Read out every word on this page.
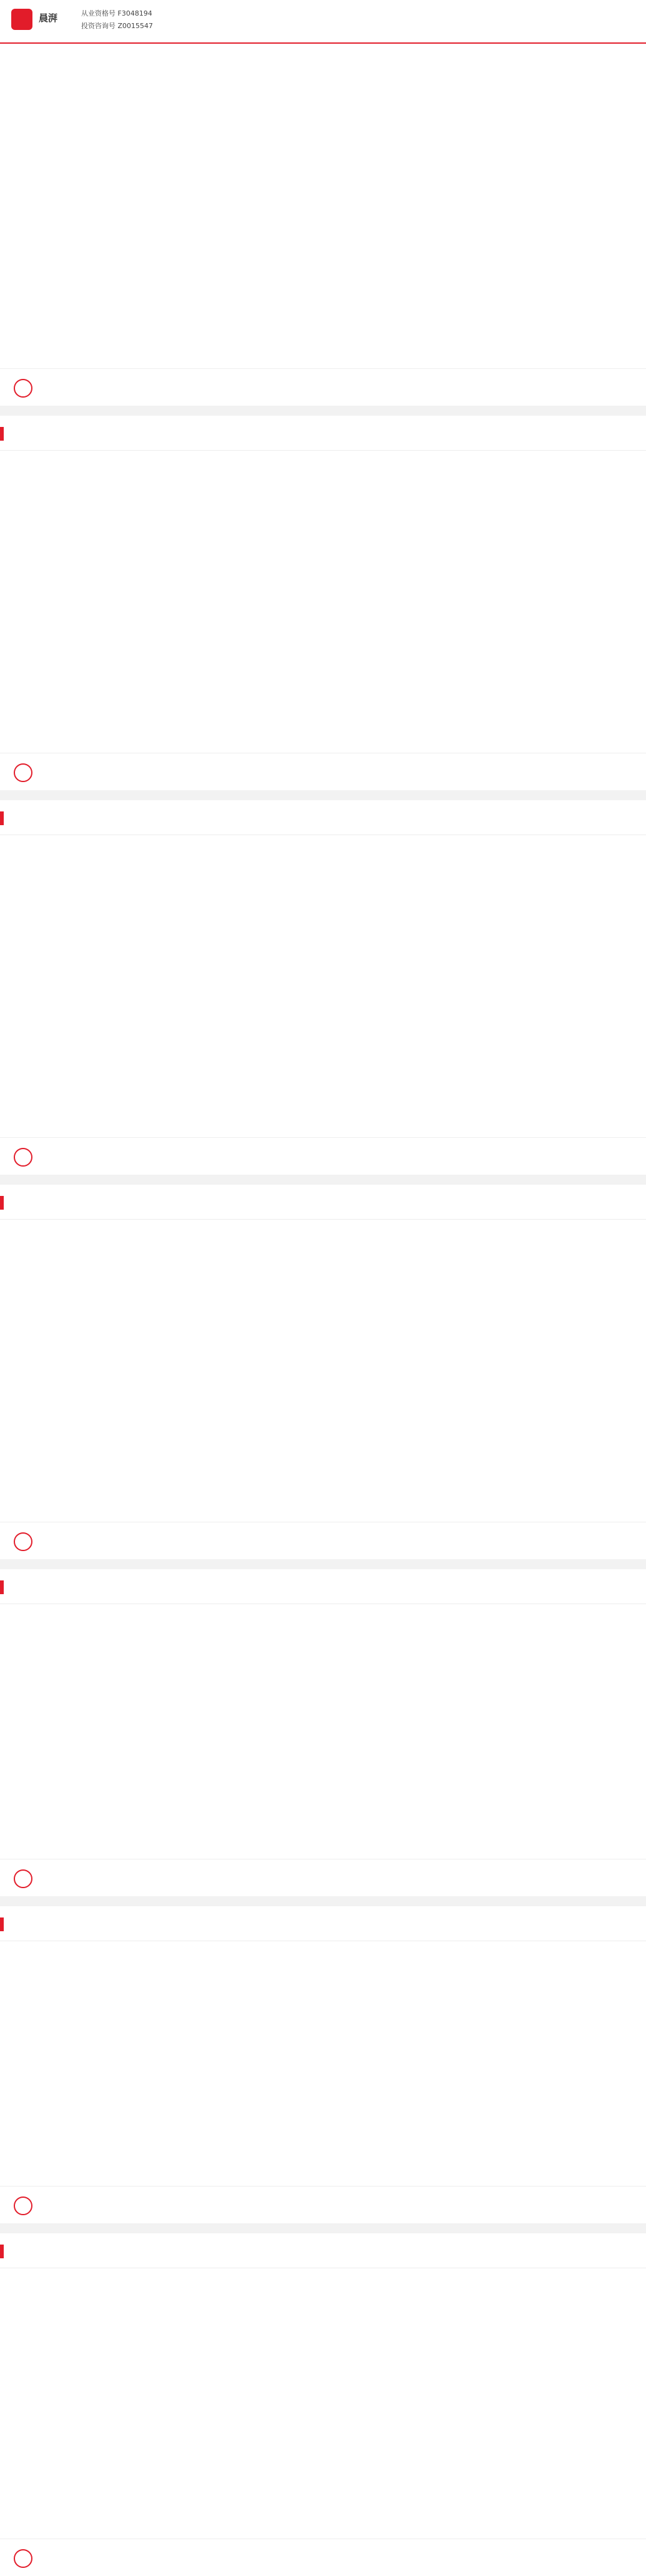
晨湃	从业资格号 F3048194
投资咨询号 Z0015547
